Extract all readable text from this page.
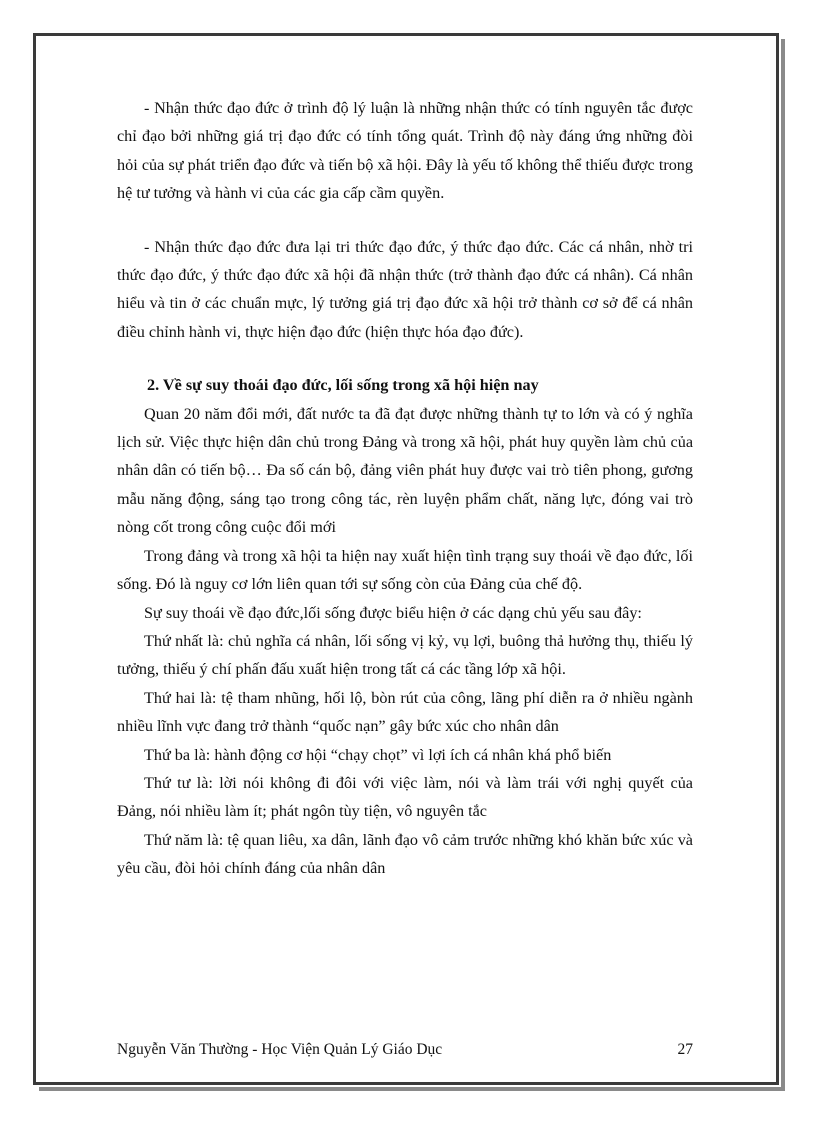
- Nhận thức đạo đức ở trình độ lý luận là những nhận thức có tính nguyên tắc được chỉ đạo bởi những giá trị đạo đức có tính tổng quát. Trình độ này đáng ứng những đòi hỏi của sự phát triển đạo đức và tiến bộ xã hội. Đây là yếu tố không thể thiếu được trong hệ tư tưởng và hành vi của các gia cấp cầm quyền.

- Nhận thức đạo đức đưa lại tri thức đạo đức, ý thức đạo đức. Các cá nhân, nhờ tri thức đạo đức, ý thức đạo đức xã hội đã nhận thức (trở thành đạo đức cá nhân). Cá nhân hiểu và tin ở các chuẩn mực, lý tưởng giá trị đạo đức xã hội trở thành cơ sở để cá nhân điều chỉnh hành vi, thực hiện đạo đức (hiện thực hóa đạo đức).

2. Về sự suy thoái đạo đức, lối sống trong xã hội hiện nay

Quan 20 năm đổi mới, đất nước ta đã đạt được những thành tự to lớn và có ý nghĩa lịch sử. Việc thực hiện dân chủ trong Đảng và trong xã hội, phát huy quyền làm chủ của nhân dân có tiến bộ… Đa số cán bộ, đảng viên phát huy được vai trò tiên phong, gương mẫu năng động, sáng tạo trong công tác, rèn luyện phẩm chất, năng lực, đóng vai trò nòng cốt trong công cuộc đổi mới

Trong đảng và trong xã hội ta hiện nay xuất hiện tình trạng suy thoái về đạo đức, lối sống. Đó là nguy cơ lớn liên quan tới sự sống còn của Đảng của chế độ.

Sự suy thoái về đạo đức,lối sống được biểu hiện ở các dạng chủ yếu sau đây:

Thứ nhất là: chủ nghĩa cá nhân, lối sống vị kỷ, vụ lợi, buông thả hưởng thụ, thiếu lý tưởng, thiếu ý chí phấn đấu xuất hiện trong tất cá các tầng lớp xã hội.

Thứ hai là: tệ tham nhũng, hối lộ, bòn rút của công, lãng phí diễn ra ở nhiều ngành nhiều lĩnh vực đang trở thành “quốc nạn” gây bức xúc cho nhân dân

Thứ ba là: hành động cơ hội “chạy chọt” vì lợi ích cá nhân khá phổ biến

Thứ tư là: lời nói không đi đôi với việc làm, nói và làm trái với nghị quyết của Đảng, nói nhiều làm ít; phát ngôn tùy tiện, vô nguyên tắc

Thứ năm là: tệ quan liêu, xa dân, lãnh đạo vô cảm trước những khó khăn bức xúc và yêu cầu, đòi hỏi chính đáng của nhân dân

Nguyễn Văn Thường - Học Viện Quản Lý Giáo Dục	27
